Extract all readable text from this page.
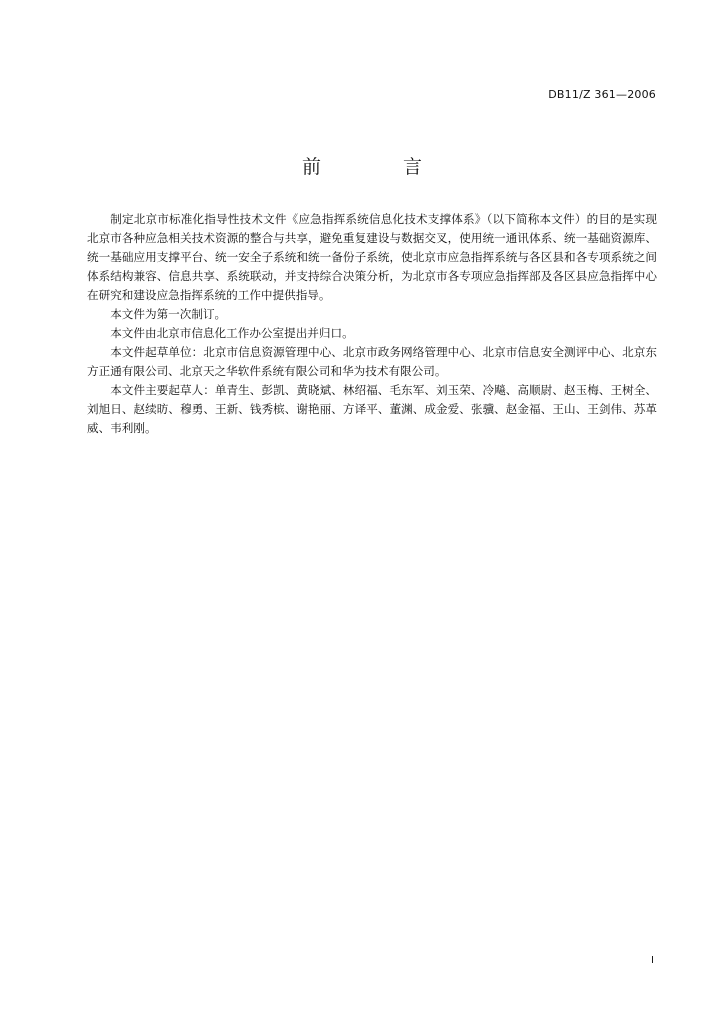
DB11/Z 361—2006
前 言

制定北京市标准化指导性技术文件《应急指挥系统信息化技术支撑体系》（以下简称本文件）的目的是实现北京市各种应急相关技术资源的整合与共享，避免重复建设与数据交叉，使用统一通讯体系、统一基础资源库、统一基础应用支撑平台、统一安全子系统和统一备份子系统，使北京市应急指挥系统与各区县和各专项系统之间体系结构兼容、信息共享、系统联动，并支持综合决策分析，为北京市各专项应急指挥部及各区县应急指挥中心在研究和建设应急指挥系统的工作中提供指导。

本文件为第一次制订。

本文件由北京市信息化工作办公室提出并归口。

本文件起草单位：北京市信息资源管理中心、北京市政务网络管理中心、北京市信息安全测评中心、北京东方正通有限公司、北京天之华软件系统有限公司和华为技术有限公司。

本文件主要起草人：单青生、彭凯、黄晓斌、林绍福、毛东军、刘玉荣、冷飚、高顺尉、赵玉梅、王树全、刘旭日、赵续昉、穆勇、王新、钱秀槟、谢艳丽、方译平、董渊、成金爱、张骥、赵金福、王山、王剑伟、苏革威、韦利刚。

I
